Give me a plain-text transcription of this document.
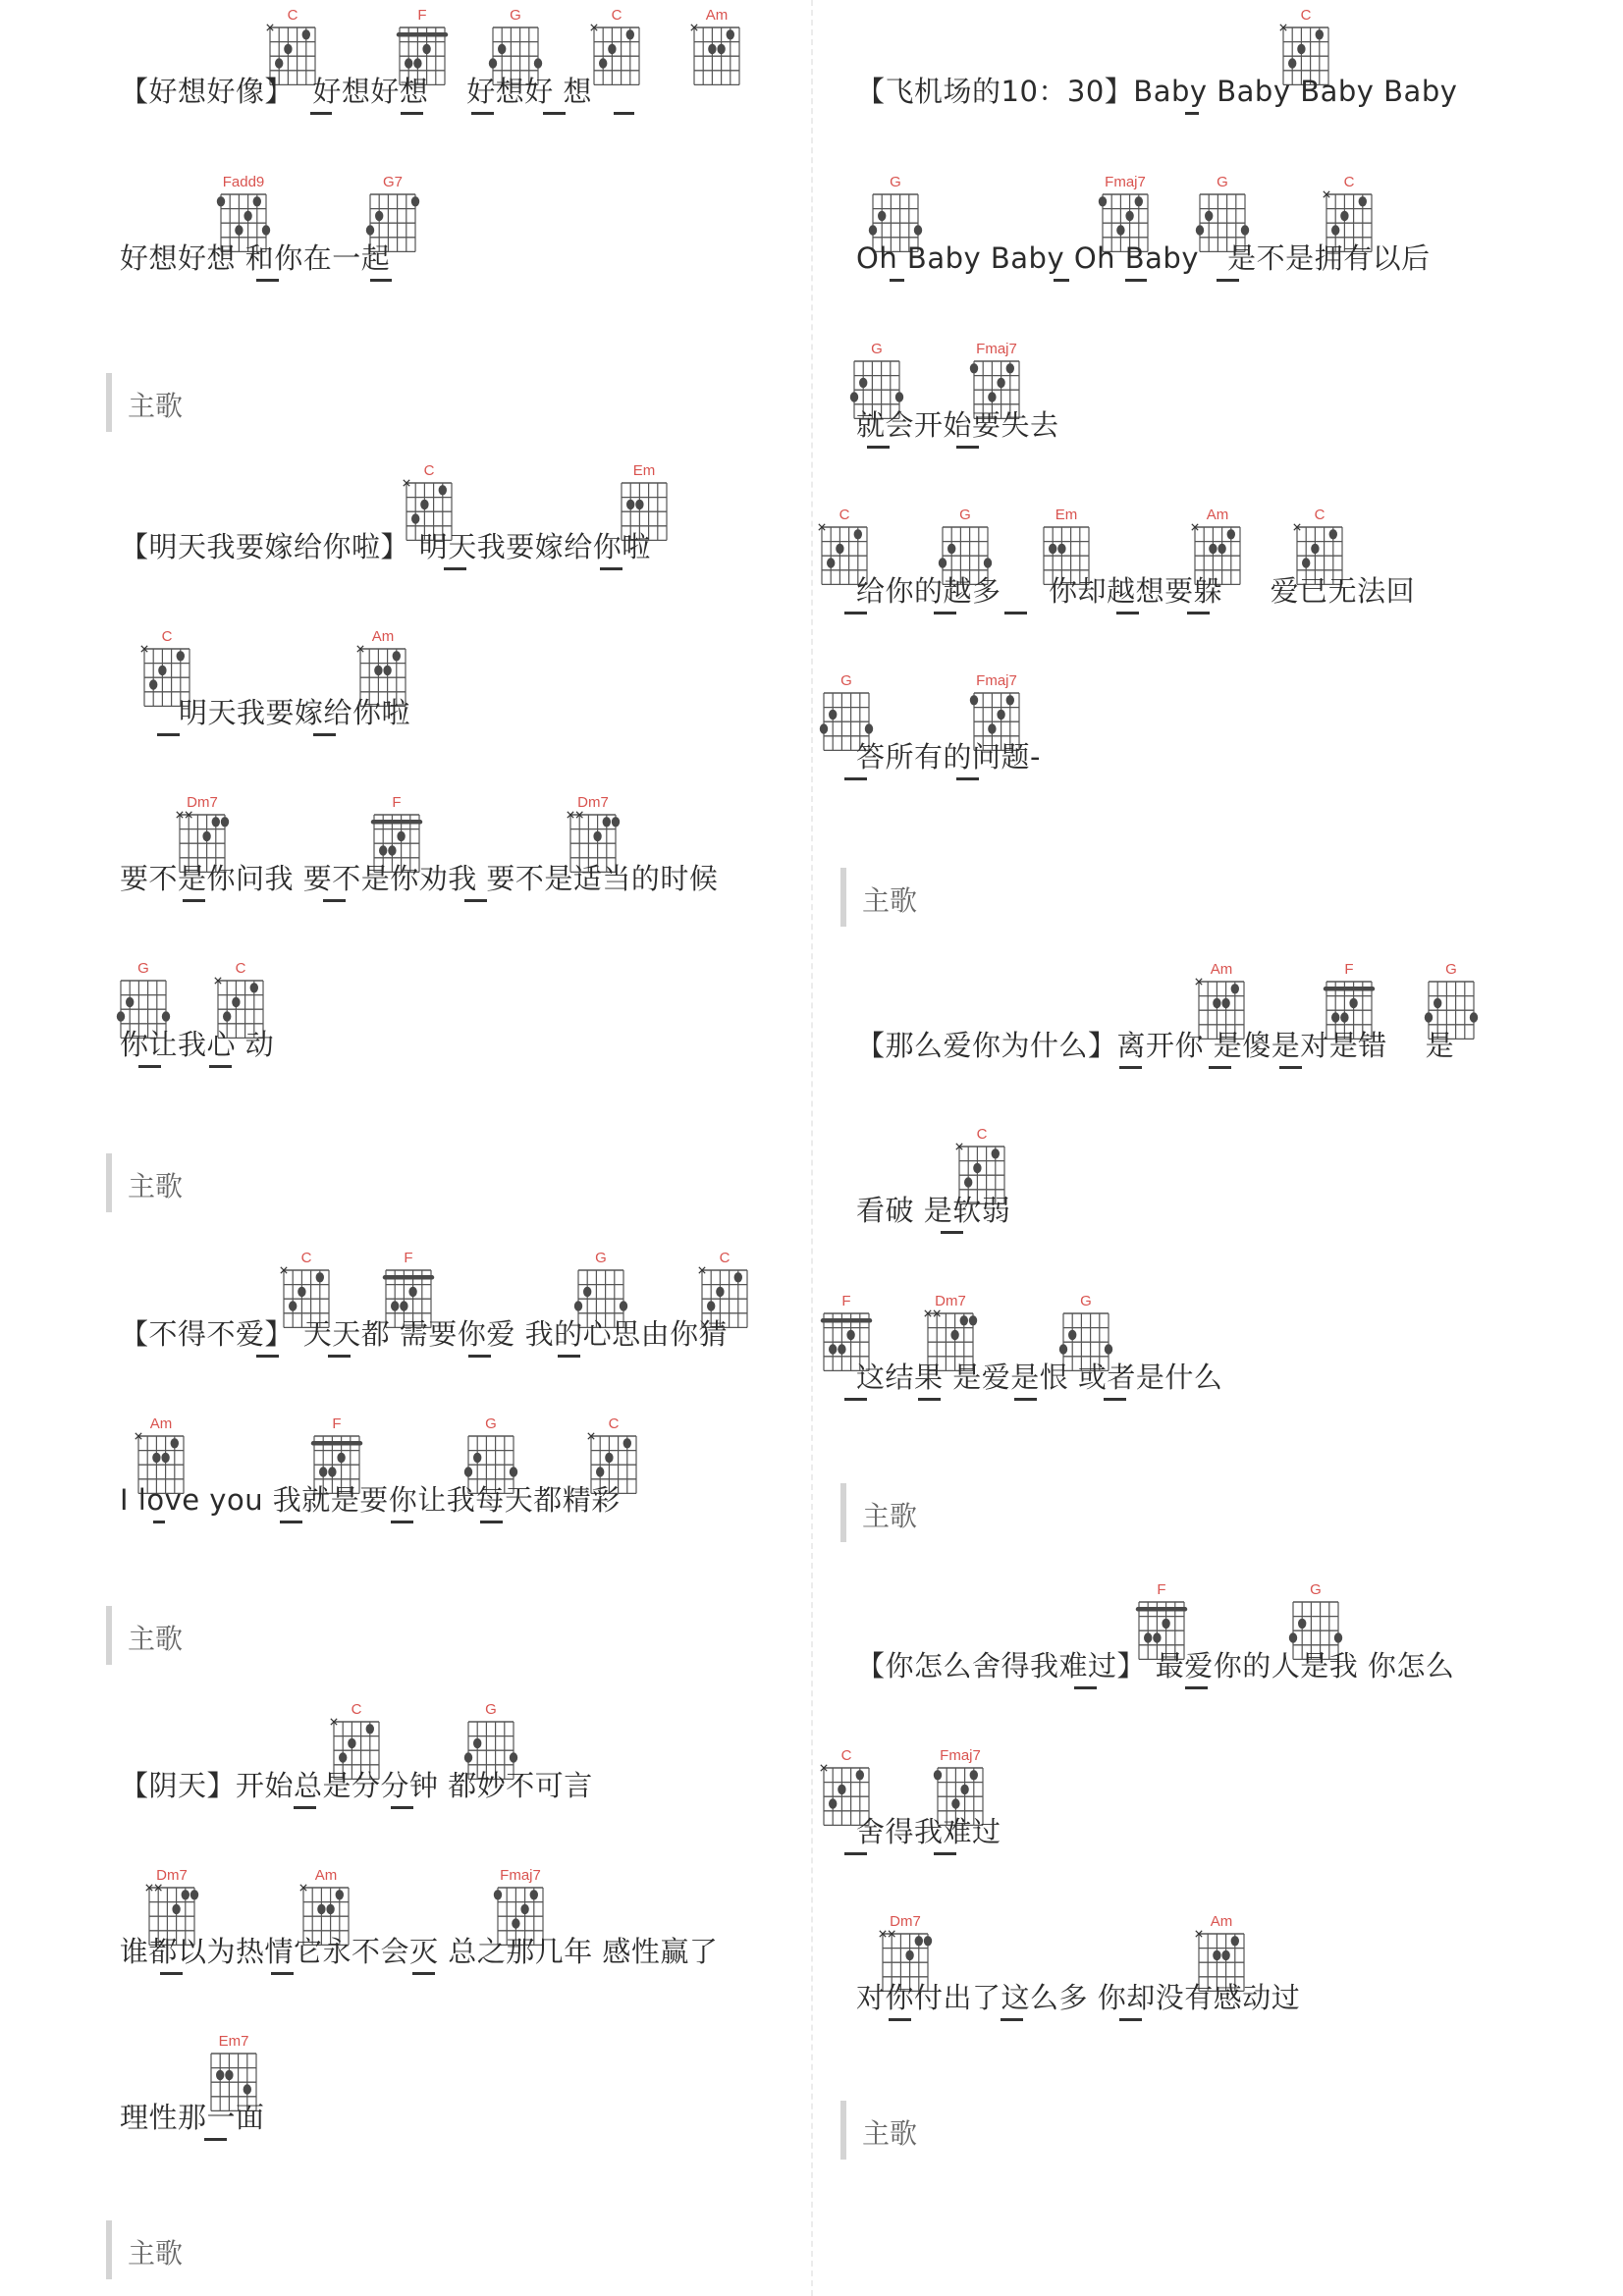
C	F	G	C	Am
【好想好像】  好想好想    好想好 想
Fadd9	G7
好想好想 和你在一起
C	Em
【明天我要嫁给你啦】 明天我要嫁给你啦
C	Am
明天我要嫁给你啦
Dm7	F	Dm7
要不是你问我 要不是你劝我 要不是适当的时候
G	C
你让我心 动
C	F	G	C
【不得不爱】 天天都 需要你爱 我的心思由你猜
Am	F	G	C
I love you 我就是要你让我每天都精彩
C	G
【阴天】开始总是分分钟 都妙不可言
Dm7	Am	Fmaj7
谁都以为热情它永不会灭 总之那几年 感性赢了
Em7
理性那一面
主歌
主歌
主歌
主歌
C
【飞机场的10：30】Baby Baby Baby Baby
G	Fmaj7	G	C
Oh Baby Baby Oh Baby   是不是拥有以后
G	Fmaj7
就会开始要失去
C	G	Em	Am	C
给你的越多     你却越想要躲     爱已无法回
G	Fmaj7
答所有的问题-
Am	F	G
【那么爱你为什么】离开你 是傻是对是错    是
C
看破 是软弱
F	Dm7	G
这结果 是爱是恨 或者是什么
F	G
【你怎么舍得我难过】 最爱你的人是我 你怎么
C	Fmaj7
舍得我难过
Dm7	Am
对你付出了这么多 你却没有感动过
主歌
主歌
主歌
